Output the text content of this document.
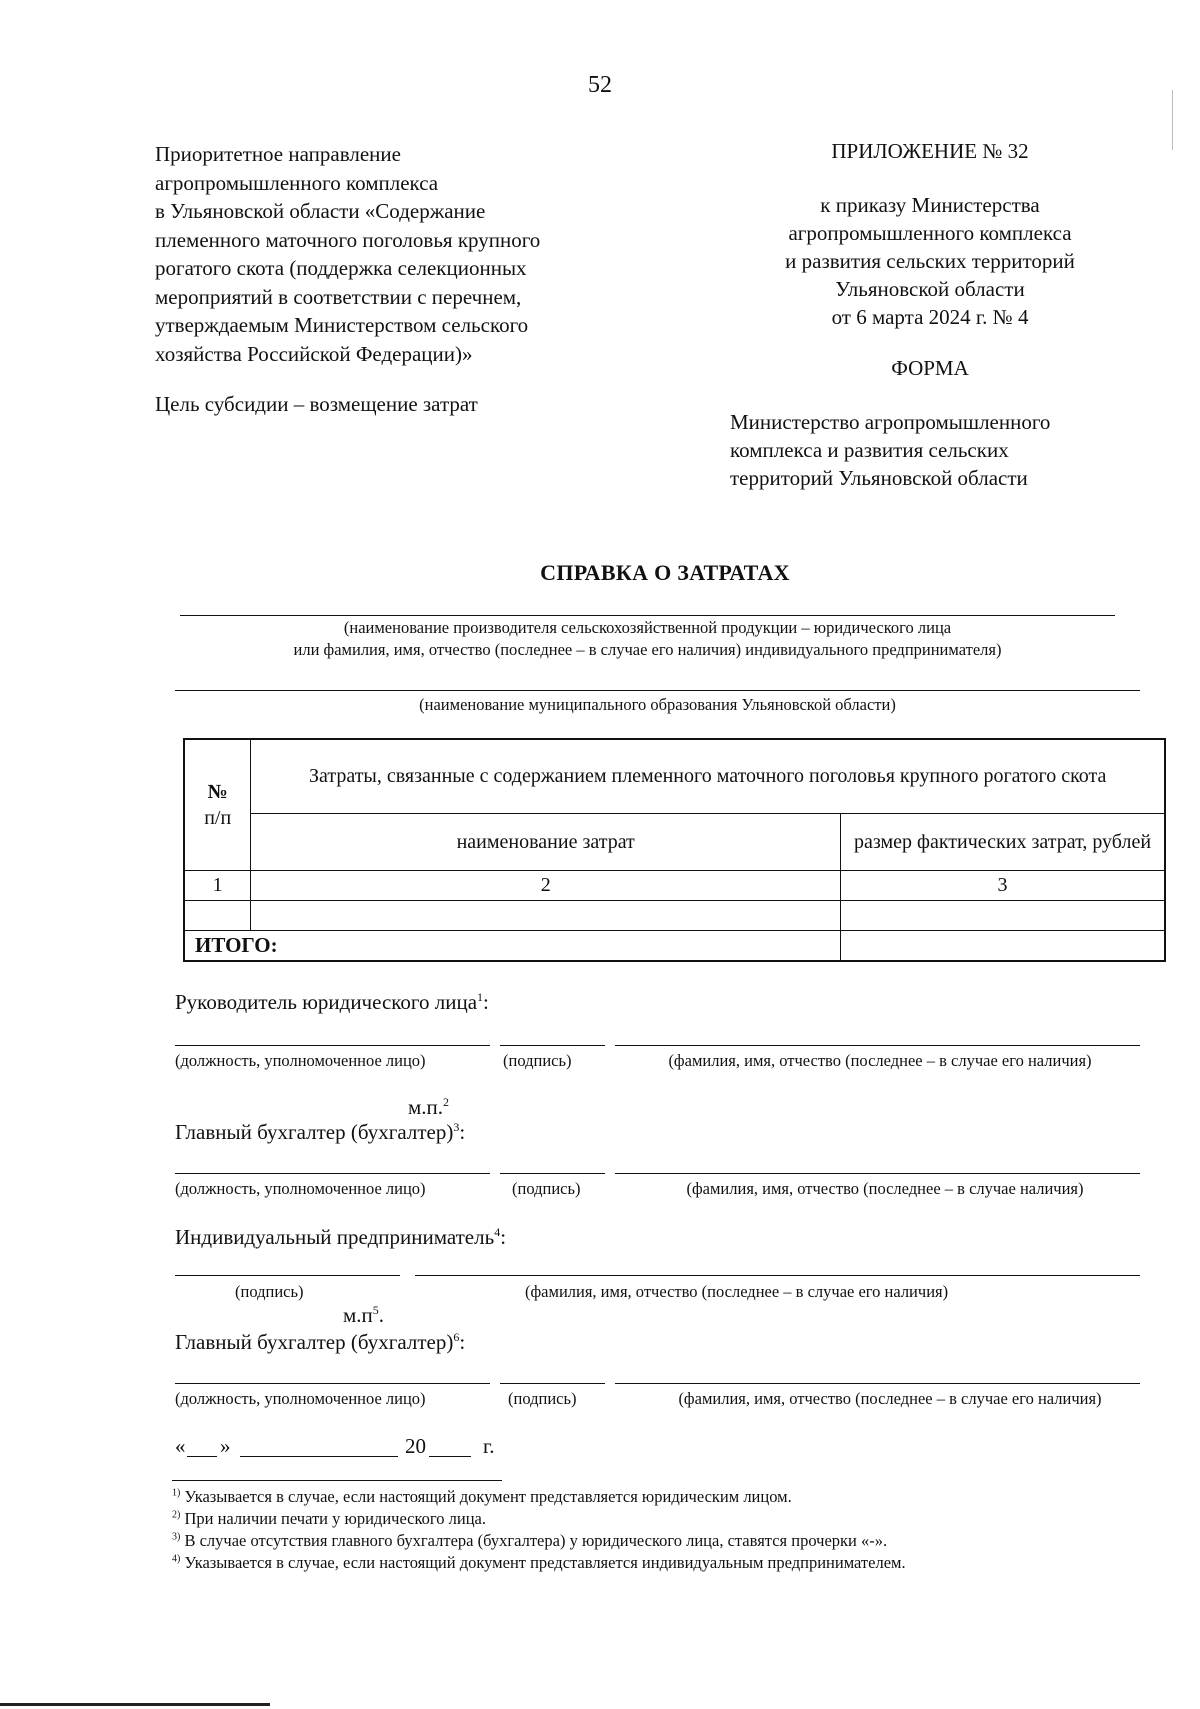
52
Приоритетное направление
агропромышленного комплекса
в Ульяновской области «Содержание
племенного маточного поголовья крупного
рогатого скота (поддержка селекционных
мероприятий в соответствии с перечнем,
утверждаемым Министерством сельского
хозяйства Российской Федерации)»
Цель субсидии – возмещение затрат
ПРИЛОЖЕНИЕ № 32
к приказу Министерства
агропромышленного комплекса
и развития сельских территорий
Ульяновской области
от 6 марта 2024 г. № 4
ФОРМА
Министерство агропромышленного
комплекса и развития сельских
территорий Ульяновской области
СПРАВКА О ЗАТРАТАХ
(наименование производителя сельскохозяйственной продукции – юридического лица
или фамилия, имя, отчество (последнее – в случае его наличия) индивидуального предпринимателя)
(наименование муниципального образования Ульяновской области)
№
п/п	Затраты, связанные с содержанием племенного маточного поголовья крупного рогатого скота	
	наименование затрат	размер фактических затрат, рублей
1	2	3

ИТОГО:		
Руководитель юридического лица$^1$:
(должность, уполномоченное лицо)	(подпись)	(фамилия, имя, отчество (последнее – в случае его наличия)
м.п.$^2$
Главный бухгалтер (бухгалтер)$^3$:
(должность, уполномоченное лицо)	(подпись)	(фамилия, имя, отчество (последнее – в случае наличия)
Индивидуальный предприниматель$^4$:
(подпись)	(фамилия, имя, отчество (последнее – в случае его наличия)
$м.п^5$.
Главный бухгалтер (бухгалтер)$^6$:
(должность, уполномоченное лицо)	(подпись)	(фамилия, имя, отчество (последнее – в случае его наличия)
« »	20	г.
$^{1)}$ Указывается в случае, если настоящий документ представляется юридическим лицом.
$^{2)}$ При наличии печати у юридического лица.
$^{3)}$ В случае отсутствия главного бухгалтера (бухгалтера) у юридического лица, ставятся прочерки «-».
$^{4)}$ Указывается в случае, если настоящий документ представляется индивидуальным предпринимателем.
